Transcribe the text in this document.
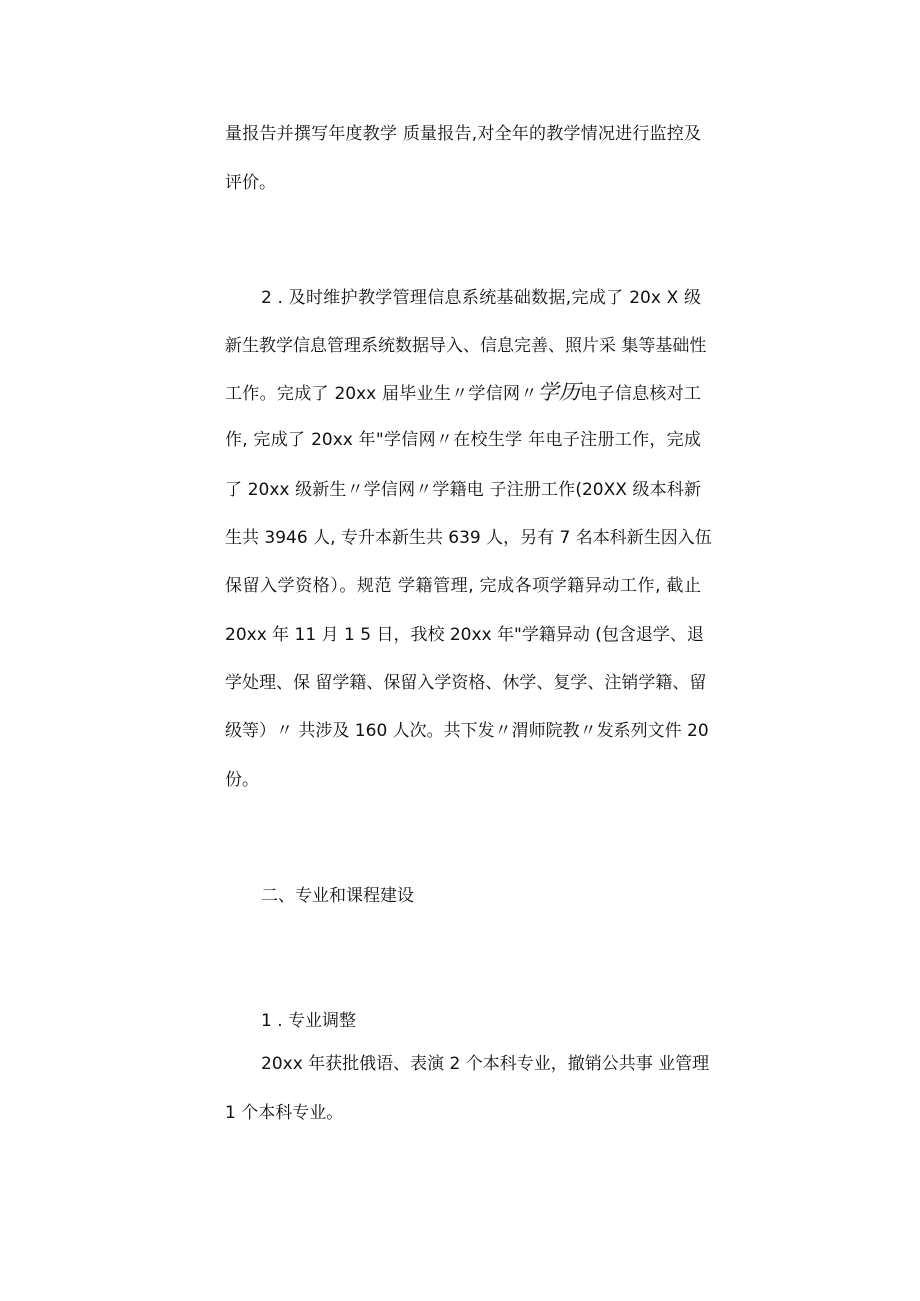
量报告并撰写年度教学 质量报告,对全年的教学情况进行监控及
评价。
2 . 及时维护教学管理信息系统基础数据,完成了 20x X 级
新生教学信息管理系统数据导入、信息完善、照片采 集等基础性
工作。完成了 20xx 届毕业生〃学信网〃学历电子信息核对工
作, 完成了 20xx 年"学信网〃在校生学 年电子注册工作，完成
了 20xx 级新生〃学信网〃学籍电 子注册工作(20XX 级本科新
生共 3946 人, 专升本新生共 639 人，另有 7 名本科新生因入伍
保留入学资格）。规范 学籍管理, 完成各项学籍异动工作, 截止
20xx 年 11 月 1 5 日，我校 20xx 年"学籍异动 (包含退学、退
学处理、保 留学籍、保留入学资格、休学、复学、注销学籍、留
级等）〃 共涉及 160 人次。共下发〃渭师院教〃发系列文件 20
份。
二、专业和课程建设
1 . 专业调整
20xx 年获批俄语、表演 2 个本科专业，撤销公共事 业管理
1 个本科专业。
